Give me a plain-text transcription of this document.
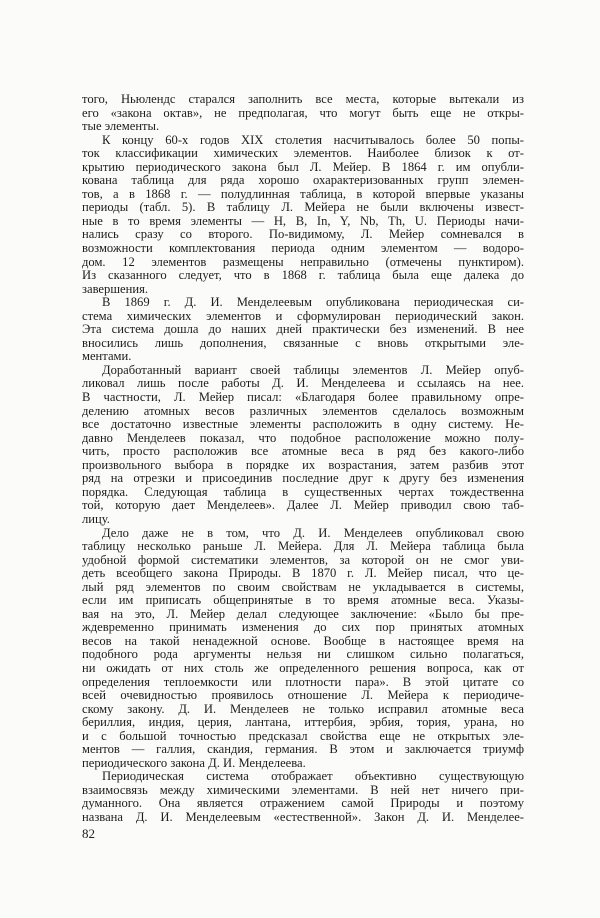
того, Ньюлендс старался заполнить все места, которые вытекали из
его «закона октав», не предполагая, что могут быть еще не откры-
тые элементы.
К концу 60-х годов XIX столетия насчитывалось более 50 попы-
ток классификации химических элементов. Наиболее близок к от-
крытию периодического закона был Л. Мейер. В 1864 г. им опубли-
кована таблица для ряда хорошо охарактеризованных групп элемен-
тов, а в 1868 г. — полудлинная таблица, в которой впервые указаны
периоды (табл. 5). В таблицу Л. Мейера не были включены извест-
ные в то время элементы — H, B, In, Y, Nb, Th, U. Периоды начи-
нались сразу со второго. По-видимому, Л. Мейер сомневался в
возможности комплектования периода одним элементом — водоро-
дом. 12 элементов размещены неправильно (отмечены пунктиром).
Из сказанного следует, что в 1868 г. таблица была еще далека до
завершения.
В 1869 г. Д. И. Менделеевым опубликована периодическая си-
стема химических элементов и сформулирован периодический закон.
Эта система дошла до наших дней практически без изменений. В нее
вносились лишь дополнения, связанные с вновь открытыми эле-
ментами.
Доработанный вариант своей таблицы элементов Л. Мейер опуб-
ликовал лишь после работы Д. И. Менделеева и ссылаясь на нее.
В частности, Л. Мейер писал: «Благодаря более правильному опре-
делению атомных весов различных элементов сделалось возможным
все достаточно известные элементы расположить в одну систему. Не-
давно Менделеев показал, что подобное расположение можно полу-
чить, просто расположив все атомные веса в ряд без какого-либо
произвольного выбора в порядке их возрастания, затем разбив этот
ряд на отрезки и присоединив последние друг к другу без изменения
порядка. Следующая таблица в существенных чертах тождественна
той, которую дает Менделеев». Далее Л. Мейер приводил свою таб-
лицу.
Дело даже не в том, что Д. И. Менделеев опубликовал свою
таблицу несколько раньше Л. Мейера. Для Л. Мейера таблица была
удобной формой систематики элементов, за которой он не смог уви-
деть всеобщего закона Природы. В 1870 г. Л. Мейер писал, что це-
лый ряд элементов по своим свойствам не укладывается в системы,
если им приписать общепринятые в то время атомные веса. Указы-
вая на это, Л. Мейер делал следующее заключение: «Было бы пре-
ждевременно принимать изменения до сих пор принятых атомных
весов на такой ненадежной основе. Вообще в настоящее время на
подобного рода аргументы нельзя ни слишком сильно полагаться,
ни ожидать от них столь же определенного решения вопроса, как от
определения теплоемкости или плотности пара». В этой цитате со
всей очевидностью проявилось отношение Л. Мейера к периодиче-
скому закону. Д. И. Менделеев не только исправил атомные веса
бериллия, индия, церия, лантана, иттербия, эрбия, тория, урана, но
и с большой точностью предсказал свойства еще не открытых эле-
ментов — галлия, скандия, германия. В этом и заключается триумф
периодического закона Д. И. Менделеева.
Периодическая система отображает объективно существующую
взаимосвязь между химическими элементами. В ней нет ничего при-
думанного. Она является отражением самой Природы и поэтому
названа Д. И. Менделеевым «естественной». Закон Д. И. Менделее-
82
